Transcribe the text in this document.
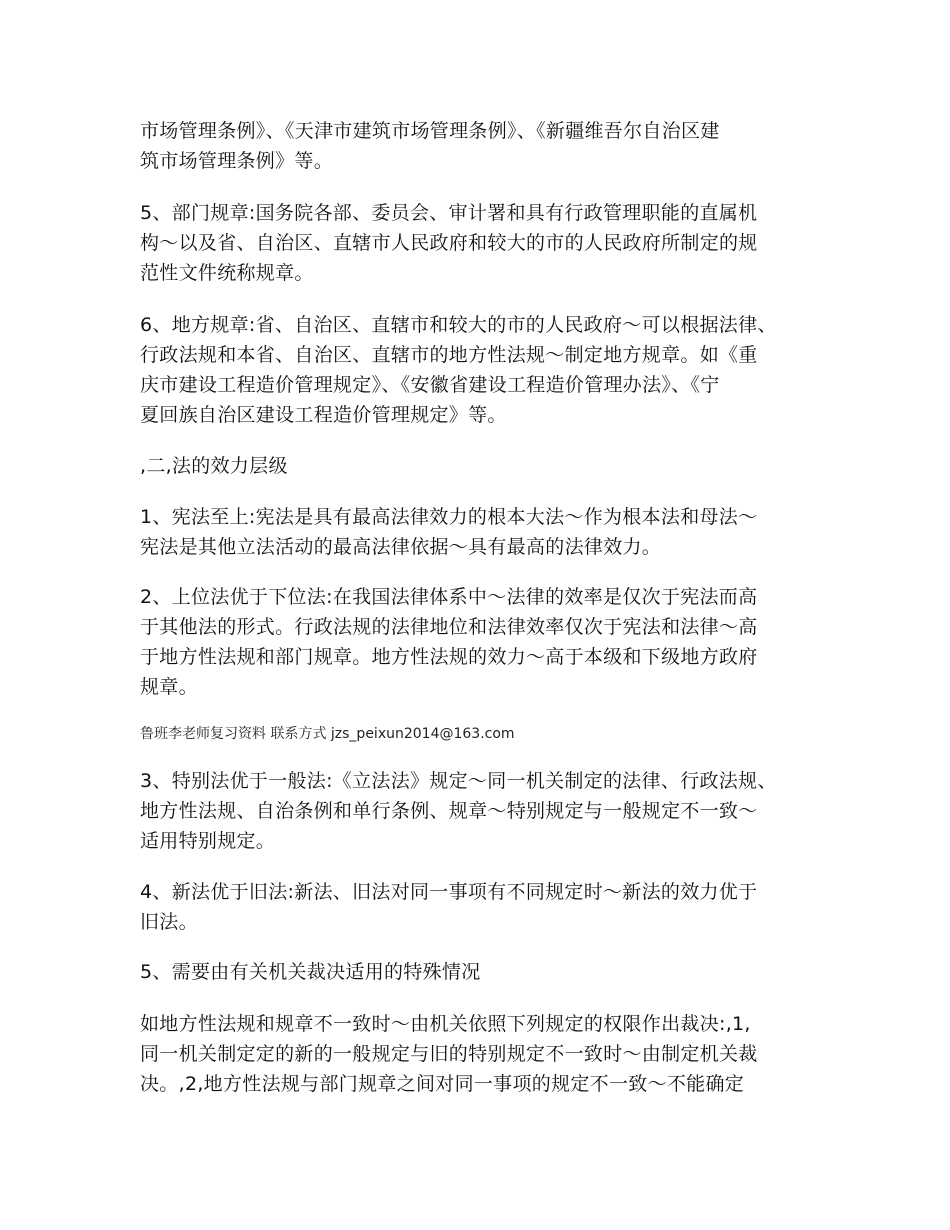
市场管理条例》、《天津市建筑市场管理条例》、《新疆维吾尔自治区建
筑市场管理条例》等。
5、部门规章:国务院各部、委员会、审计署和具有行政管理职能的直属机
构～以及省、自治区、直辖市人民政府和较大的市的人民政府所制定的规
范性文件统称规章。
6、地方规章:省、自治区、直辖市和较大的市的人民政府～可以根据法律、
行政法规和本省、自治区、直辖市的地方性法规～制定地方规章。如《重
庆市建设工程造价管理规定》、《安徽省建设工程造价管理办法》、《宁
夏回族自治区建设工程造价管理规定》等。
,二,法的效力层级
1、宪法至上:宪法是具有最高法律效力的根本大法～作为根本法和母法～
宪法是其他立法活动的最高法律依据～具有最高的法律效力。
2、上位法优于下位法:在我国法律体系中～法律的效率是仅次于宪法而高
于其他法的形式。行政法规的法律地位和法律效率仅次于宪法和法律～高
于地方性法规和部门规章。地方性法规的效力～高于本级和下级地方政府
规章。
鲁班李老师复习资料 联系方式 jzs_peixun2014@163.com
3、特别法优于一般法:《立法法》规定～同一机关制定的法律、行政法规、
地方性法规、自治条例和单行条例、规章～特别规定与一般规定不一致～
适用特别规定。
4、新法优于旧法:新法、旧法对同一事项有不同规定时～新法的效力优于
旧法。
5、需要由有关机关裁决适用的特殊情况
如地方性法规和规章不一致时～由机关依照下列规定的权限作出裁决:,1,
同一机关制定定的新的一般规定与旧的特别规定不一致时～由制定机关裁
决。,2,地方性法规与部门规章之间对同一事项的规定不一致～不能确定
